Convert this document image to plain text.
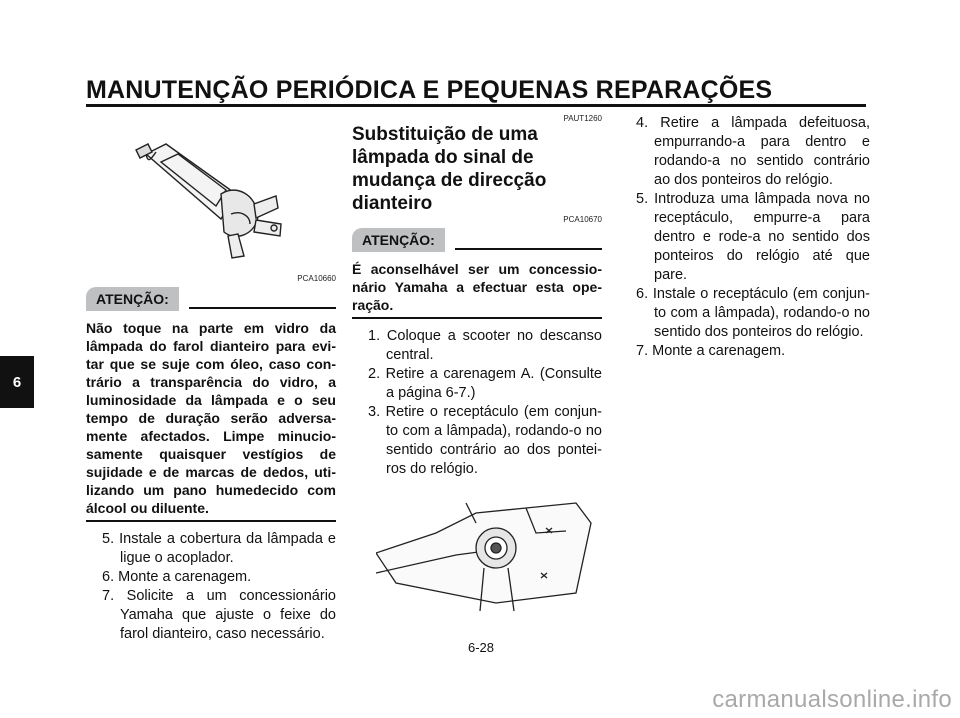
MANUTENÇÃO PERIÓDICA E PEQUENAS REPARAÇÕES
6
PCA10660
ATENÇÃO:

Não toque na parte em vidro da lâmpada do farol dianteiro para evi-tar que se suje com óleo, caso con-trário a transparência do vidro, a luminosidade da lâmpada e o seu tempo de duração serão adversa-mente afectados. Limpe minucio-samente quaisquer vestígios de sujidade e de marcas de dedos, uti-lizando um pano humedecido com álcool ou diluente.

5. Instale a cobertura da lâmpada e ligue o acoplador.
6. Monte a carenagem.
7. Solicite a um concessionário Yamaha que ajuste o feixe do farol dianteiro, caso necessário.
PAUT1260
Substituição de uma lâmpada do sinal de mudança de direcção dianteiro
PCA10670
ATENÇÃO:

É aconselhável ser um concessio-nário Yamaha a efectuar esta ope-ração.

1. Coloque a scooter no descanso central.
2. Retire a carenagem A. (Consulte a página 6-7.)
3. Retire o receptáculo (em conjun-to com a lâmpada), rodando-o no sentido contrário ao dos pontei-ros do relógio.
4. Retire a lâmpada defeituosa, empurrando-a para dentro e rodando-a no sentido contrário ao dos ponteiros do relógio.
5. Introduza uma lâmpada nova no receptáculo, empurre-a para dentro e rode-a no sentido dos ponteiros do relógio até que pare.
6. Instale o receptáculo (em conjun-to com a lâmpada), rodando-o no sentido dos ponteiros do relógio.
7. Monte a carenagem.
6-28
carmanualsonline.info
